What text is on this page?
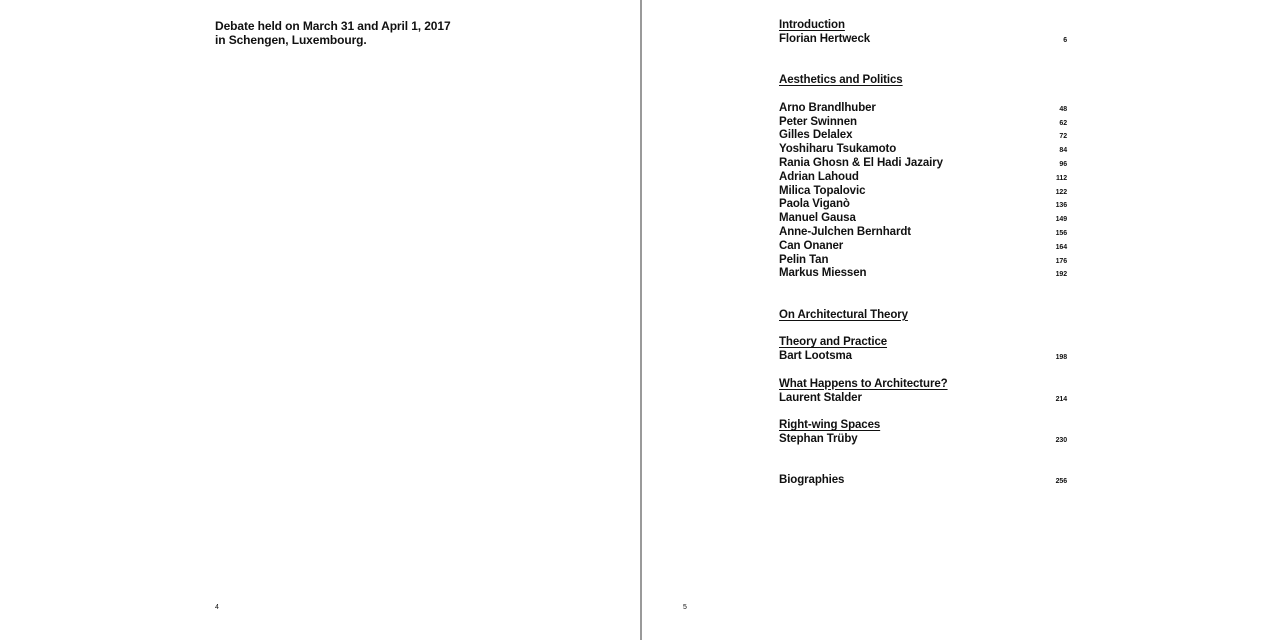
Debate held on March 31 and April 1, 2017
in Schengen, Luxembourg.
4
Introduction
Florian Hertweck	6
Aesthetics and Politics
Arno Brandlhuber	48
Peter Swinnen	62
Gilles Delalex	72
Yoshiharu Tsukamoto	84
Rania Ghosn & El Hadi Jazairy	96
Adrian Lahoud	112
Milica Topalovic	122
Paola Viganò	136
Manuel Gausa	149
Anne-Julchen Bernhardt	156
Can Onaner	164
Pelin Tan	176
Markus Miessen	192
On Architectural Theory
Theory and Practice
Bart Lootsma	198
What Happens to Architecture?
Laurent Stalder	214
Right-wing Spaces
Stephan Trüby	230
Biographies	256
5
